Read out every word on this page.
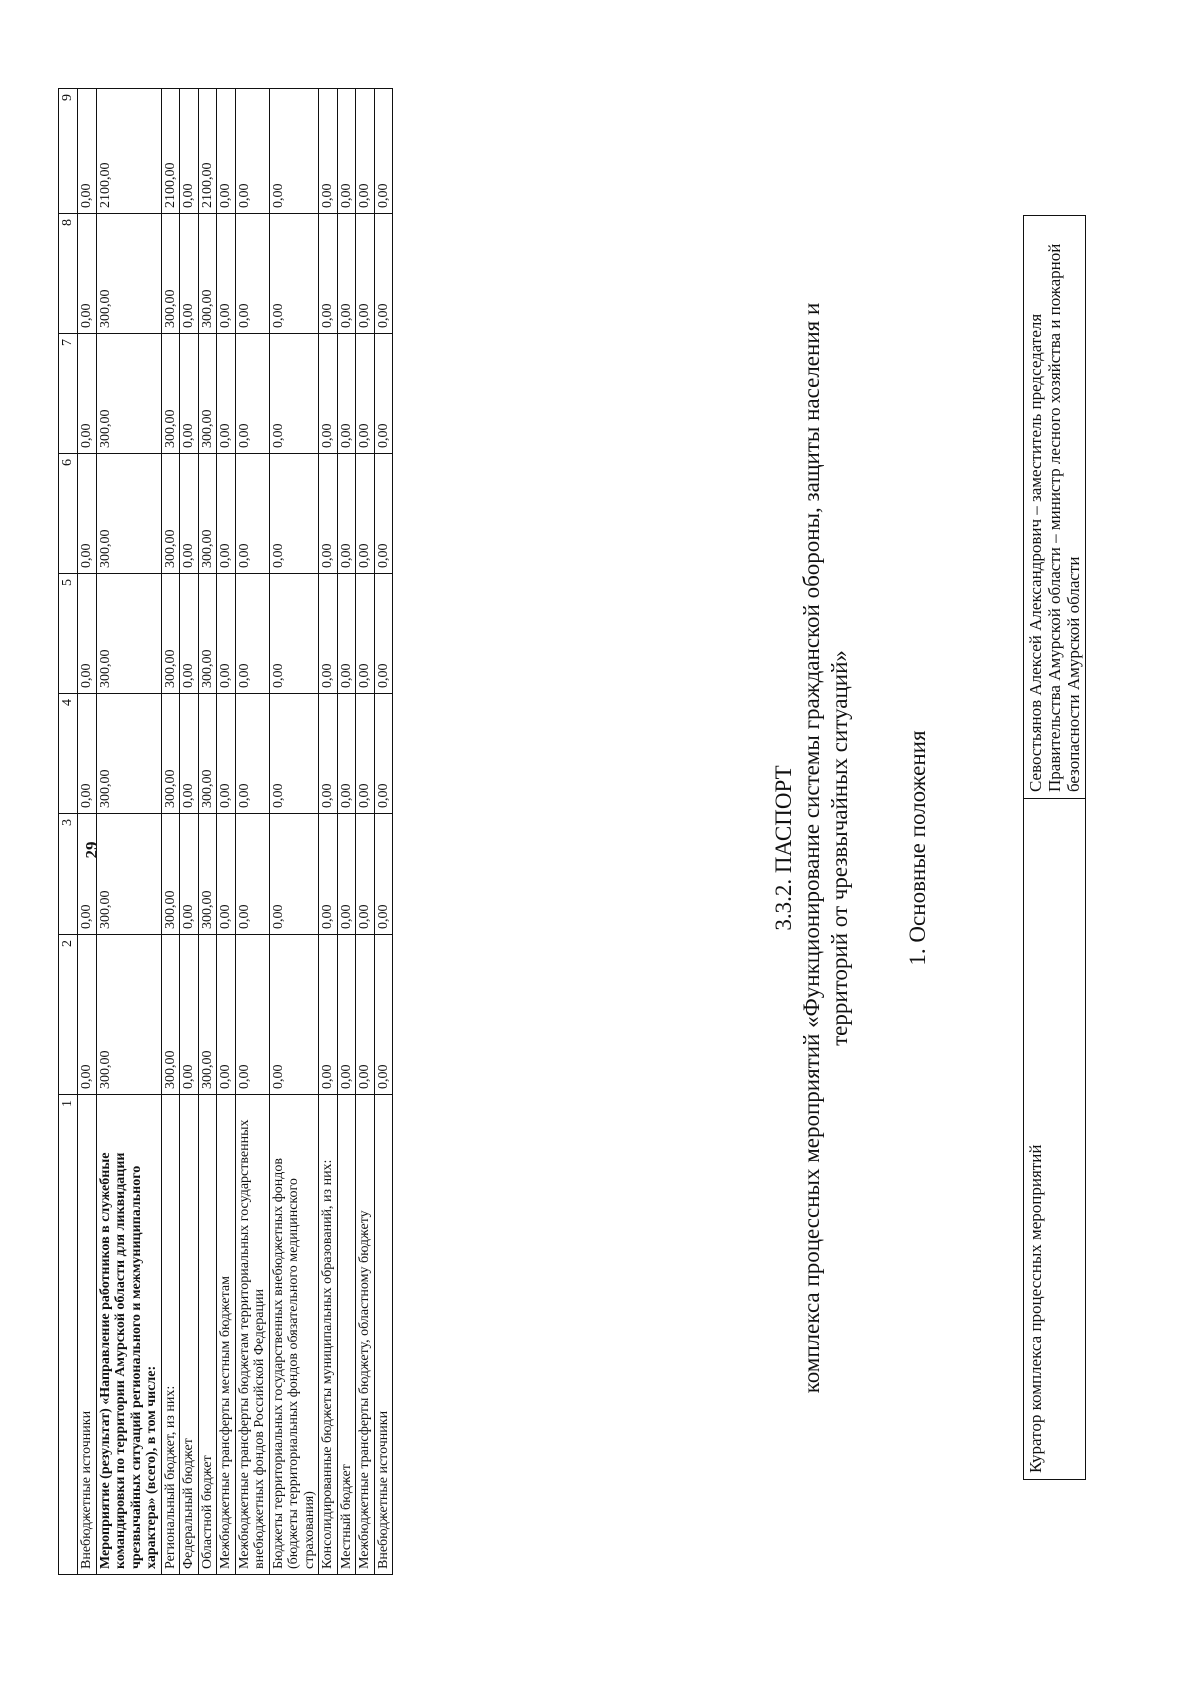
29
1	2	3	4	5	6	7	8	9
Внебюджетные источники	0,00	0,00	0,00	0,00	0,00	0,00	0,00	0,00
Мероприятие (результат) «Направление работников в служебные командировки по территории Амурской области для ликвидации чрезвычайных ситуаций регионального и межмуниципального характера» (всего), в том числе:	300,00	300,00	300,00	300,00	300,00	300,00	300,00	2100,00
Региональный бюджет, из них:	300,00	300,00	300,00	300,00	300,00	300,00	300,00	2100,00
Федеральный бюджет	0,00	0,00	0,00	0,00	0,00	0,00	0,00	0,00
Областной бюджет	300,00	300,00	300,00	300,00	300,00	300,00	300,00	2100,00
Межбюджетные трансферты местным бюджетам	0,00	0,00	0,00	0,00	0,00	0,00	0,00	0,00
Межбюджетные трансферты бюджетам территориальных государственных внебюджетных фондов Российской Федерации	0,00	0,00	0,00	0,00	0,00	0,00	0,00	0,00
Бюджеты территориальных государственных внебюджетных фондов (бюджеты территориальных фондов обязательного медицинского страхования)	0,00	0,00	0,00	0,00	0,00	0,00	0,00	0,00
Консолидированные бюджеты муниципальных образований, из них:	0,00	0,00	0,00	0,00	0,00	0,00	0,00	0,00
Местный бюджет	0,00	0,00	0,00	0,00	0,00	0,00	0,00	0,00
Межбюджетные трансферты бюджету, областному бюджету	0,00	0,00	0,00	0,00	0,00	0,00	0,00	0,00
Внебюджетные источники	0,00	0,00	0,00	0,00	0,00	0,00	0,00	0,00
3.3.2. ПАСПОРТ комплекса процессных мероприятий «Функционирование системы гражданской обороны, защиты населения и территорий от чрезвычайных ситуаций» 1. Основные положения
Куратор комплекса процессных мероприятий	Севостьянов Алексей Александрович – заместитель председателя Правительства Амурской области – министр лесного хозяйства и пожарной безопасности Амурской области
